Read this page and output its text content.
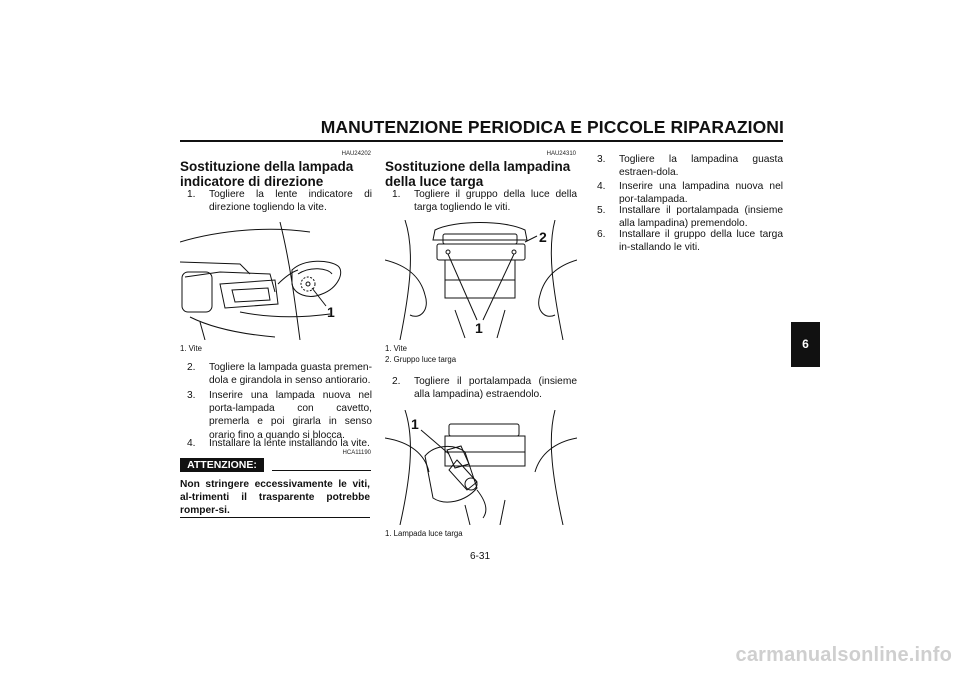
MANUTENZIONE PERIODICA E PICCOLE RIPARAZIONI
HAU24202
Sostituzione della lampada
indicatore di direzione
1. Togliere la lente indicatore di direzione togliendo la vite.
1
1. Vite
2. Togliere la lampada guasta premen-dola e girandola in senso antiorario.
3. Inserire una lampada nuova nel porta-lampada con cavetto, premerla e poi girarla in senso orario fino a quando si blocca.
4. Installare la lente installando la vite.
HCA11190
ATTENZIONE:
Non stringere eccessivamente le viti, al-trimenti il trasparente potrebbe romper-si.
HAU24310
Sostituzione della lampadina
della luce targa
1. Togliere il gruppo della luce della targa togliendo le viti.
1
2
1. Vite
2. Gruppo luce targa
2. Togliere il portalampada (insieme alla lampadina) estraendolo.
1
1. Lampada luce targa
3. Togliere la lampadina guasta estraen-dola.
4. Inserire una lampadina nuova nel por-talampada.
5. Installare il portalampada (insieme alla lampadina) premendolo.
6. Installare il gruppo della luce targa in-stallando le viti.
6
6-31
carmanualsonline.info
